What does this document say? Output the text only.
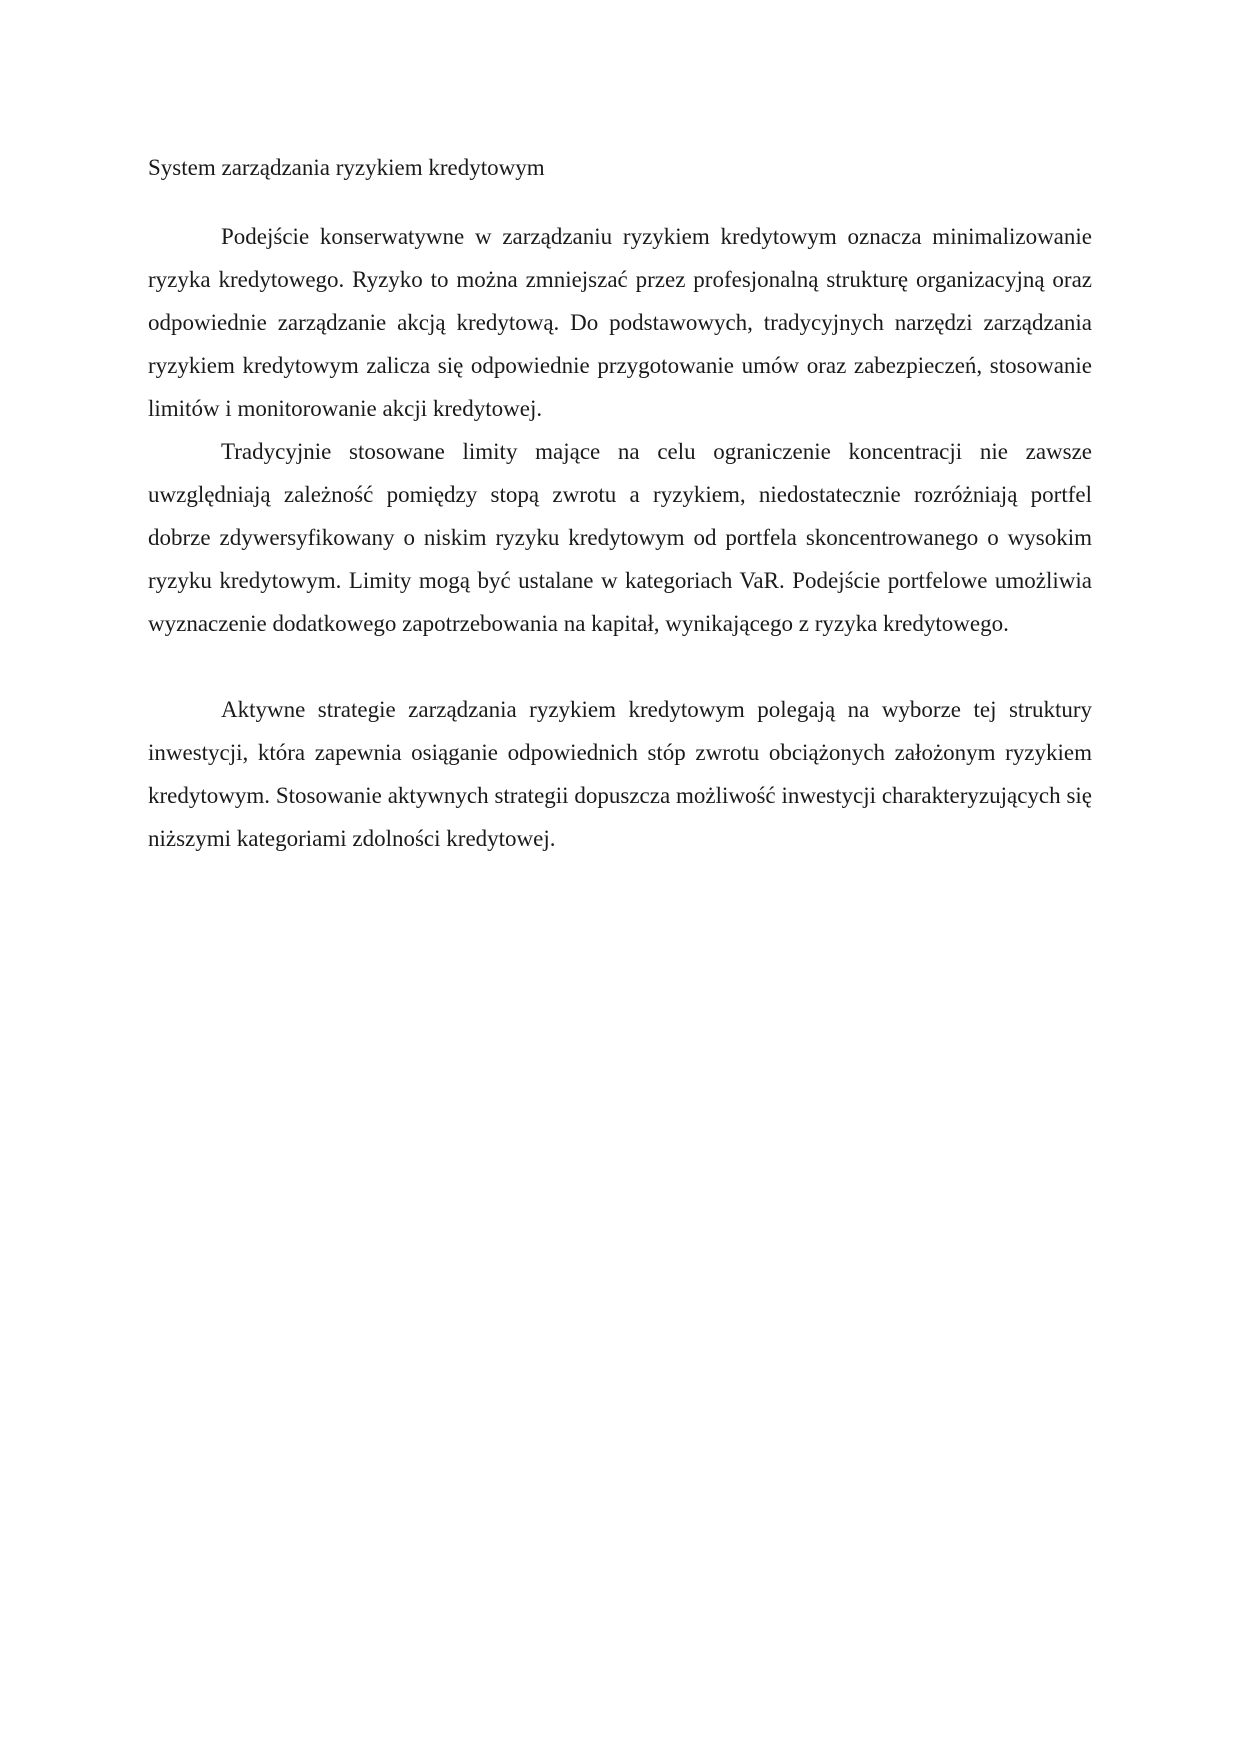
System zarządzania ryzykiem kredytowym

Podejście konserwatywne w zarządzaniu ryzykiem kredytowym oznacza minimalizowanie ryzyka kredytowego. Ryzyko to można zmniejszać przez profesjonalną strukturę organizacyjną oraz odpowiednie zarządzanie akcją kredytową. Do podstawowych, tradycyjnych narzędzi zarządzania ryzykiem kredytowym zalicza się odpowiednie przygotowanie umów oraz zabezpieczeń, stosowanie limitów i monitorowanie akcji kredytowej.

Tradycyjnie stosowane limity mające na celu ograniczenie koncentracji nie zawsze uwzględniają zależność pomiędzy stopą zwrotu a ryzykiem, niedostatecznie rozróżniają portfel dobrze zdywersyfikowany o niskim ryzyku kredytowym od portfela skoncentrowanego o wysokim ryzyku kredytowym. Limity mogą być ustalane w kategoriach VaR. Podejście portfelowe umożliwia wyznaczenie dodatkowego zapotrzebowania na kapitał, wynikającego z ryzyka kredytowego.

Aktywne strategie zarządzania ryzykiem kredytowym polegają na wyborze tej struktury inwestycji, która zapewnia osiąganie odpowiednich stóp zwrotu obciążonych założonym ryzykiem kredytowym. Stosowanie aktywnych strategii dopuszcza możliwość inwestycji charakteryzujących się niższymi kategoriami zdolności kredytowej.
